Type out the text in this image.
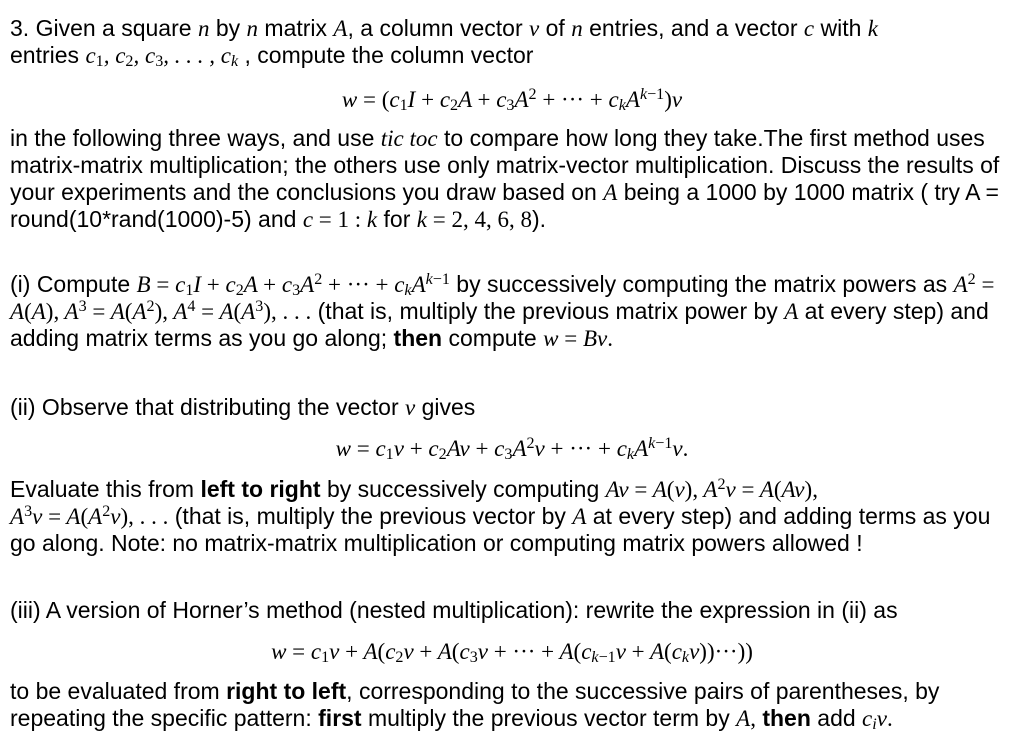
3. Given a square n by n matrix A, a column vector v of n entries, and a vector c with k
entries $c_1$, $c_2$, $c_3$, . . . , $c_k$ , compute the column vector

$w = (c_1I + c_2A + c_3A^2$ + ··· + $c_kA^{k-1})v$

in the following three ways, and use tic toc to compare how long they take.The first method uses matrix-matrix multiplication; the others use only matrix-vector multiplication. Discuss the results of your experiments and the conclusions you draw based on A being a 1000 by 1000 matrix ( try A = round(10*rand(1000)-5) and c = 1 : k for k = 2, 4, 6, 8).

(i) Compute $B = c_1I + c_2A + c_3A^2$ + ··· + $c_kA^{k-1}$ by successively computing the matrix powers as $A^2 = A(A)$, $A^3 = A(A^2)$, $A^4 = A(A^3)$, . . . (that is, multiply the previous matrix power by A at every step) and adding matrix terms as you go along; then compute w = Bv.

(ii) Observe that distributing the vector v gives

$w = c_1v + c_2Av + c_3A^2v$ + ··· + $c_kA^{k-1}v$.

Evaluate this from left to right by successively computing Av = A(v), $A^2v = A(Av)$,
$A^3v = A(A^2v)$, . . . (that is, multiply the previous vector by A at every step) and adding terms as you go along. Note: no matrix-matrix multiplication or computing matrix powers allowed !

(iii) A version of Horner’s method (nested multiplication): rewrite the expression in (ii) as

$w = c_1v + A(c_2v + A(c_3v$ + ··· + $A(c_{k-1}v + A(c_kv))\cdot\cdot\cdot$))

to be evaluated from right to left, corresponding to the successive pairs of parentheses, by repeating the specific pattern: first multiply the previous vector term by A, then add $c_iv$.
